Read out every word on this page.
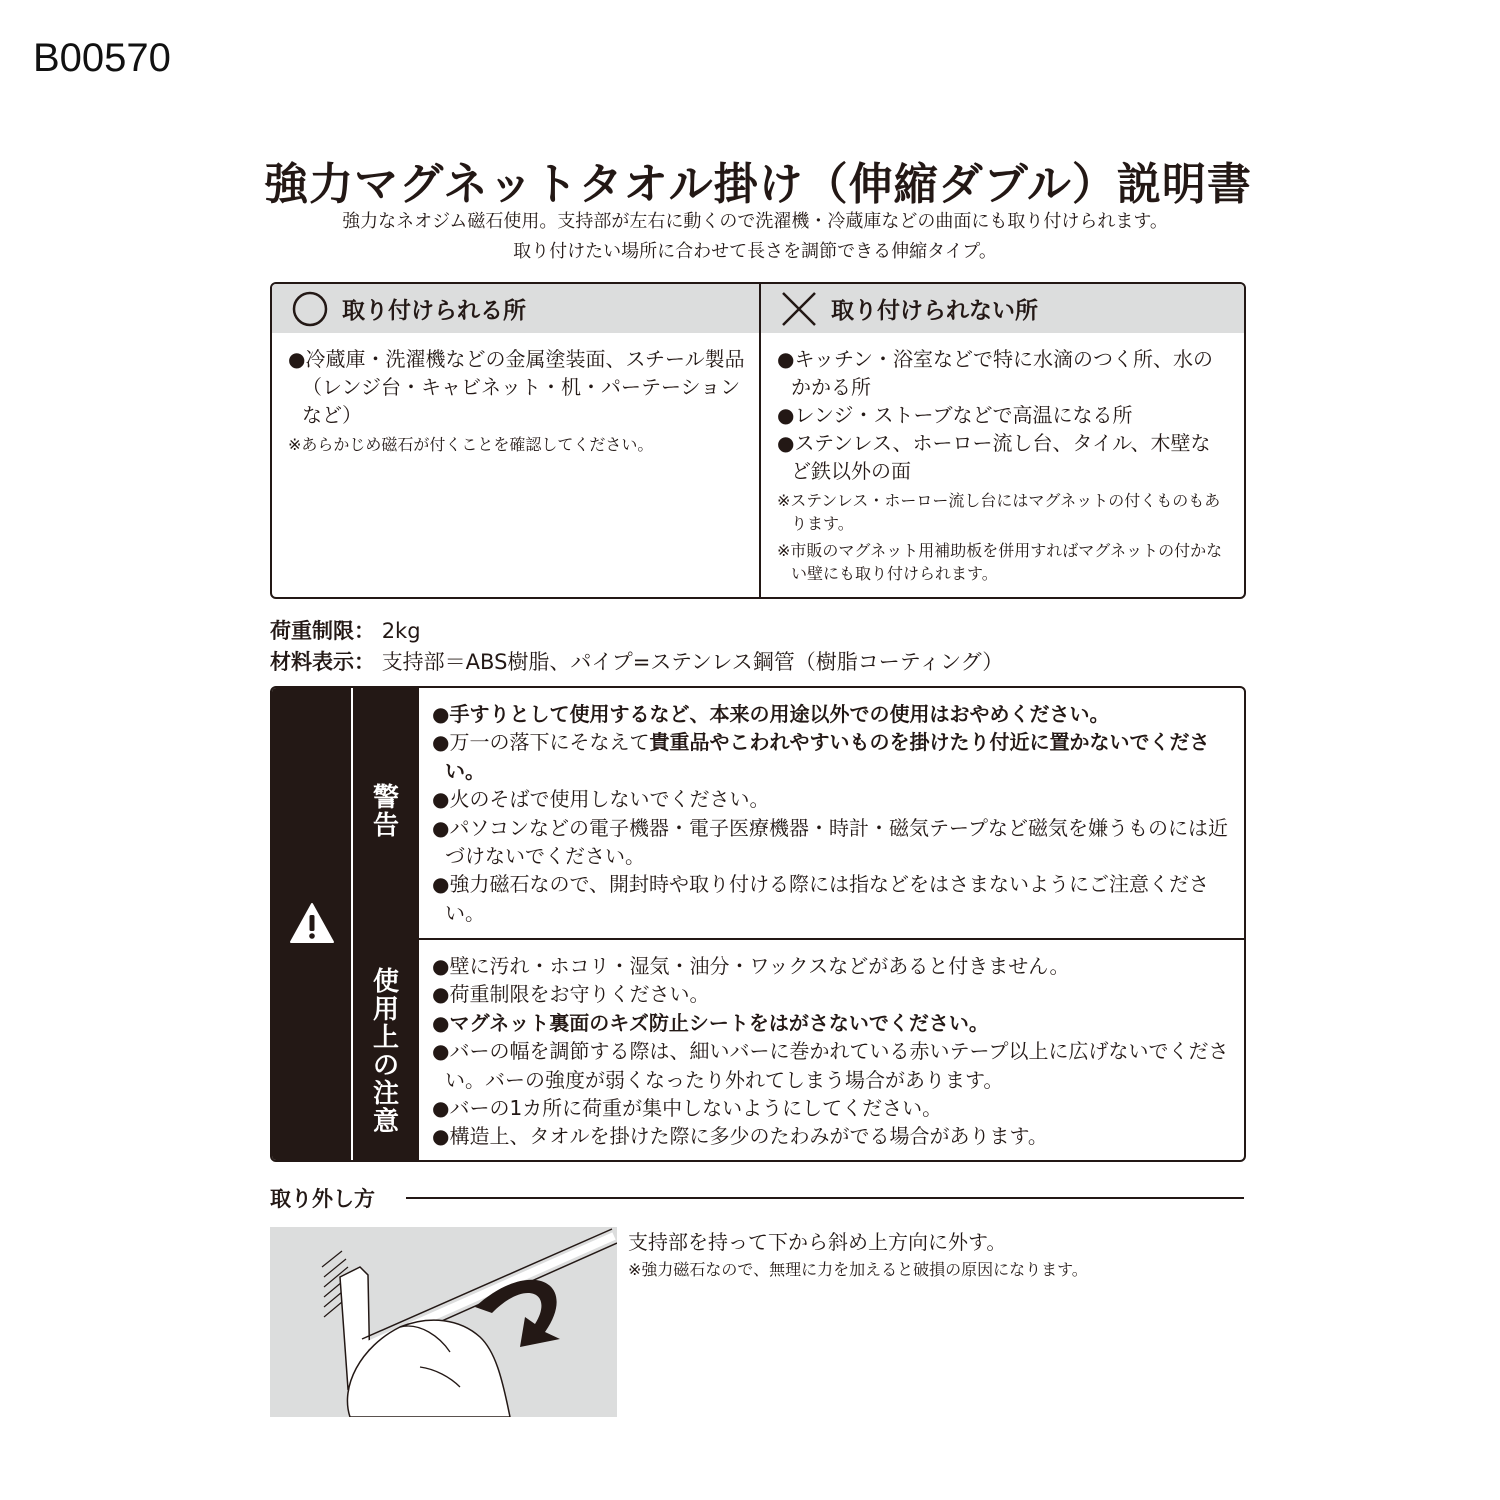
B00570
強力マグネットタオル掛け（伸縮ダブル）説明書
強力なネオジム磁石使用。支持部が左右に動くので洗濯機・冷蔵庫などの曲面にも取り付けられます。
取り付けたい場所に合わせて長さを調節できる伸縮タイプ。
取り付けられる所
●冷蔵庫・洗濯機などの金属塗装面、スチール製品（レンジ台・キャビネット・机・パーテーションなど）
※あらかじめ磁石が付くことを確認してください。
取り付けられない所
●キッチン・浴室などで特に水滴のつく所、水のかかる所
●レンジ・ストーブなどで高温になる所
●ステンレス、ホーロー流し台、タイル、木壁など鉄以外の面
※ステンレス・ホーロー流し台にはマグネットの付くものもあります。
※市販のマグネット用補助板を併用すればマグネットの付かない壁にも取り付けられます。
荷重制限： 2kg
材料表示： 支持部＝ABS樹脂、パイプ=ステンレス鋼管（樹脂コーティング）
警
告
使
用
上
の
注
意
●手すりとして使用するなど、本来の用途以外での使用はおやめください。
●万一の落下にそなえて貴重品やこわれやすいものを掛けたり付近に置かないでください。
●火のそばで使用しないでください。
●パソコンなどの電子機器・電子医療機器・時計・磁気テープなど磁気を嫌うものには近づけないでください。
●強力磁石なので、開封時や取り付ける際には指などをはさまないようにご注意ください。
●壁に汚れ・ホコリ・湿気・油分・ワックスなどがあると付きません。
●荷重制限をお守りください。
●マグネット裏面のキズ防止シートをはがさないでください。
●バーの幅を調節する際は、細いバーに巻かれている赤いテープ以上に広げないでください。バーの強度が弱くなったり外れてしまう場合があります。
●バーの1カ所に荷重が集中しないようにしてください。
●構造上、タオルを掛けた際に多少のたわみがでる場合があります。
取り外し方
支持部を持って下から斜め上方向に外す。
※強力磁石なので、無理に力を加えると破損の原因になります。
